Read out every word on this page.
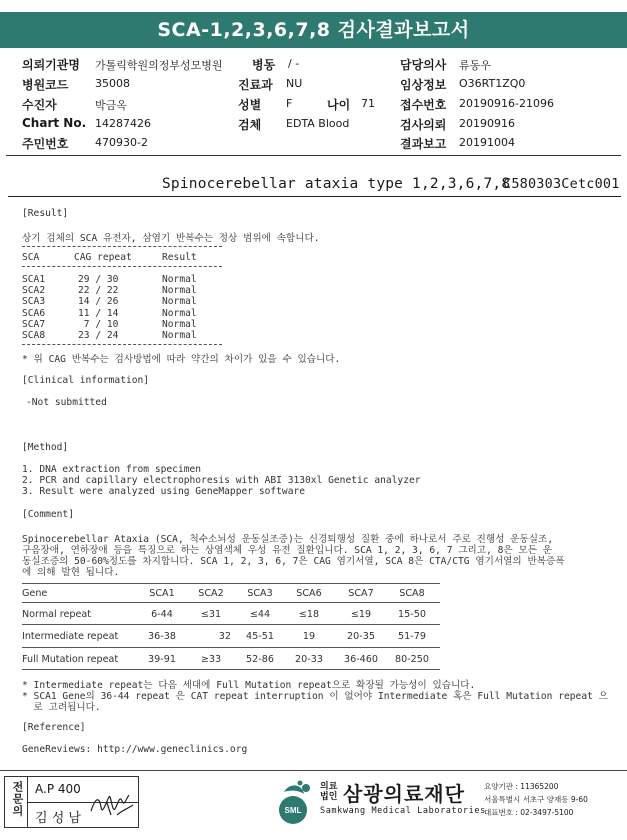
SCA-1,2,3,6,7,8 검사결과보고서
의뢰기관명 가톨릭학원의정부성모병원
병원코드 35008
수진자	박금옥
Chart No. 14287426
주민번호 470930-2
병동 / -
진료과 NU
성별 F	나이 71
검체 EDTA Blood
담당의사 류동우
임상정보 O36RT1ZQ0
접수번호 20190916-21096
검사의뢰 20190916
결과보고 20191004
Spinocerebellar ataxia type 1,2,3,6,7,8
C580303Cetc001
[Result]
상기 검체의 SCA 유전자, 삼염기 반복수는 정상 범위에 속합니다.
SCA	CAG repeat	Result
SCA1	29 / 30	Normal
SCA2	22 / 22	Normal
SCA3	14 / 26	Normal
SCA6	11 / 14	Normal
SCA7	7 / 10	Normal
SCA8	23 / 24	Normal
* 위 CAG 반복수는 검사방법에 따라 약간의 차이가 있을 수 있습니다.
[Clinical information]
-Not submitted
[Method]
1. DNA extraction from specimen
2. PCR and capillary electrophoresis with ABI 3130xl Genetic analyzer
3. Result were analyzed using GeneMapper software
[Comment]
Spinocerebellar Ataxia (SCA, 척수소뇌성 운동실조증)는 신경퇴행성 질환 중에 하나로서 주로 진행성 운동실조,
구음장애, 연하장애 등을 특징으로 하는 상염색체 우성 유전 질환입니다. SCA 1, 2, 3, 6, 7 그리고, 8은 모든 운
동실조증의 50-60%정도를 차지합니다. SCA 1, 2, 3, 6, 7은 CAG 염기서열, SCA 8은 CTA/CTG 염기서열의 반복증폭
에 의해 발현 됩니다.
Gene	SCA1	SCA2	SCA3	SCA6	SCA7	SCA8
Normal repeat	6-44	≤31	≤44	≤18	≤19	15-50
Intermediate repeat	36-38	32	45-51	19	20-35	51-79
Full Mutation repeat	39-91	≥33	52-86	20-33	36-460	80-250
* Intermediate repeat는 다음 세대에 Full Mutation repeat으로 확장될 가능성이 있습니다.
* SCA1 Gene의 36-44 repeat 은 CAT repeat interruption 이 없어야 Intermediate 혹은 Full Mutation repeat 으
로 고려됩니다.
[Reference]
GeneReviews: http://www.geneclinics.org
전문의 A.P 400
김 성 남
SML
의료
법인 삼광의료재단
Samkwang Medical Laboratories
요양기관 : 11365200
서울특별시 서초구 양재동 9-60
대표번호 : 02-3497-5100
